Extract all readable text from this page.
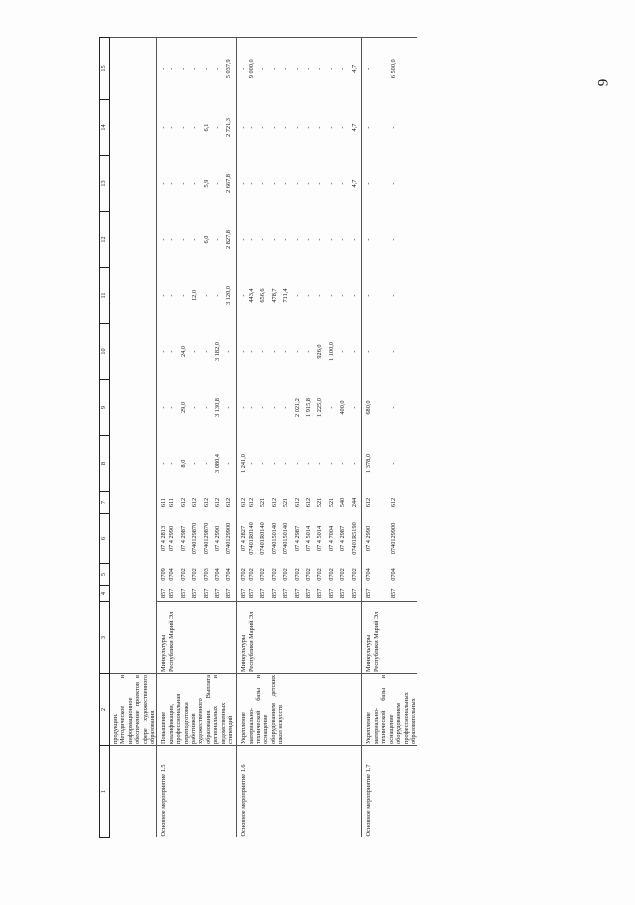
9
1	2	3	4	5	6	7	8	9	10	11	12	13	14	15
	продукции. Методическое и информационное обеспечение проектов в сфере художественного образования													
Основное мероприятие 1.5	Повышение квалификации, профессиональная переподготовка работников художественного образования. Выплата региональных и ведомственных стипендий	Минкультуры Республики Марий Эл	857	0709	07 4 2813	611	-	-	-	-	-	-	-	-
			857	0704	07 4 2990	611	-	-	-	-	-	-	-	-
			857	0702	07 4 2987	612	8,0	29,0	24,0	-	-	-	-	-
			857	0702	0740129870	612	-	-	-	12,0	-	-	-	-
			857	0703	0740129870	612	-	-	-	-	6,0	5,9	6,1	-
			857	0704	07 4 2990	612	3 080,4	3 130,8	3 182,0	-	-	-	-	-
			857	0704	0740129900	612	-	-	-	3 120,0	2 827,8	2 667,8	2 721,3	5 037,9
Основное мероприятие 1.6	Укрепление материально-технической базы и оснащение оборудованием детских школ искусств	Минкультуры Республики Марий Эл	857	0702	07 4 2827	612	1 241,0	-	-	-	-	-	-	-
			857	0702	07401R0140	612	-	-	-	443,4	-	-	-	9 000,0
			857	0702	07401R0140	521	-	-	-	656,6	-	-	-	-
			857	0702	0740150140	612	-	-	-	478,7	-	-	-	-
			857	0702	0740150140	521	-	-	-	711,4	-	-	-	-
			857	0702	07 4 2987	612	-	2 021,2	-	-	-	-	-	-
			857	0702	07 4 5014	612	-	1 915,8	-	-	-	-	-	-
			857	0702	07 4 5014	521	-	1 225,0	926,0	-	-	-	-	-
			857	0702	07 4 7004	521	-	-	1 100,0	-	-	-	-	-
			857	0702	07 4 2987	540	-	400,0	-	-	-	-	-	-
			857	0702	07401R5190	244	-	-	-	-	-	4,7	4,7	4,7
Основное мероприятие 1.7	Укрепление материально-технической базы и оснащение оборудованием профессиональных образовательных	Минкультуры Республики Марий Эл	857	0704	07 4 2990	612	1 378,0	680,0	-	-	-	-	-	-
			857	0704	0740129900	612	-	-	-	-	-	-	-	6 500,0
